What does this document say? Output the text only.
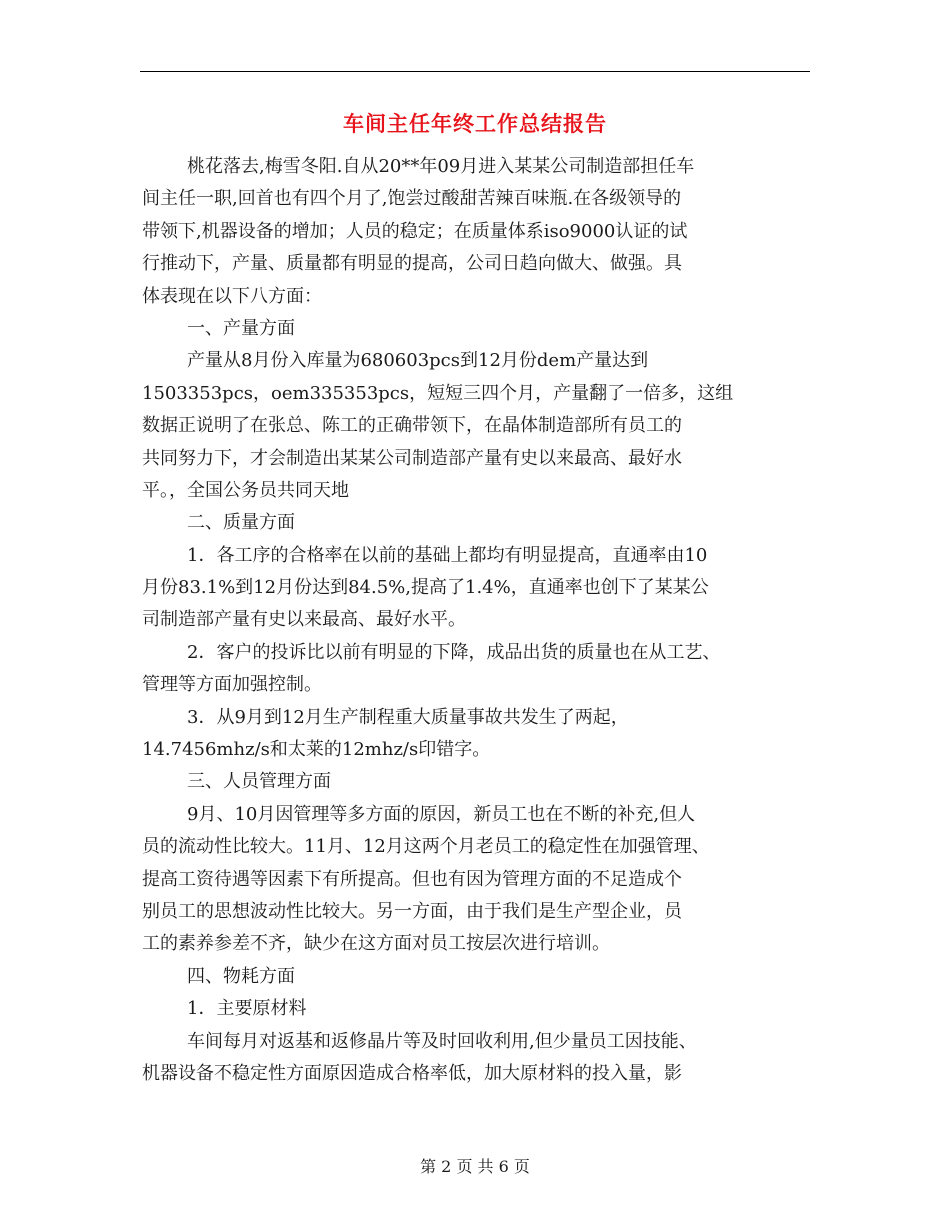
车间主任年终工作总结报告
桃花落去,梅雪冬阳.自从20**年09月进入某某公司制造部担任车
间主任一职,回首也有四个月了,饱尝过酸甜苦辣百味瓶.在各级领导的
带领下,机器设备的增加；人员的稳定；在质量体系iso9000认证的试
行推动下，产量、质量都有明显的提高，公司日趋向做大、做强。具
体表现在以下八方面：
一、产量方面
产量从8月份入库量为680603pcs到12月份dem产量达到
1503353pcs，oem335353pcs，短短三四个月，产量翻了一倍多，这组
数据正说明了在张总、陈工的正确带领下，在晶体制造部所有员工的
共同努力下，才会制造出某某公司制造部产量有史以来最高、最好水
平。，全国公务员共同天地
二、质量方面
1．各工序的合格率在以前的基础上都均有明显提高，直通率由10
月份83.1%到12月份达到84.5%,提高了1.4%，直通率也创下了某某公
司制造部产量有史以来最高、最好水平。
2．客户的投诉比以前有明显的下降，成品出货的质量也在从工艺、
管理等方面加强控制。
3．从9月到12月生产制程重大质量事故共发生了两起，
14.7456mhz/s和太莱的12mhz/s印错字。
三、人员管理方面
9月、10月因管理等多方面的原因，新员工也在不断的补充,但人
员的流动性比较大。11月、12月这两个月老员工的稳定性在加强管理、
提高工资待遇等因素下有所提高。但也有因为管理方面的不足造成个
别员工的思想波动性比较大。另一方面，由于我们是生产型企业，员
工的素养参差不齐，缺少在这方面对员工按层次进行培训。
四、物耗方面
1．主要原材料
车间每月对返基和返修晶片等及时回收利用,但少量员工因技能、
机器设备不稳定性方面原因造成合格率低，加大原材料的投入量，影
第 2 页 共 6 页
